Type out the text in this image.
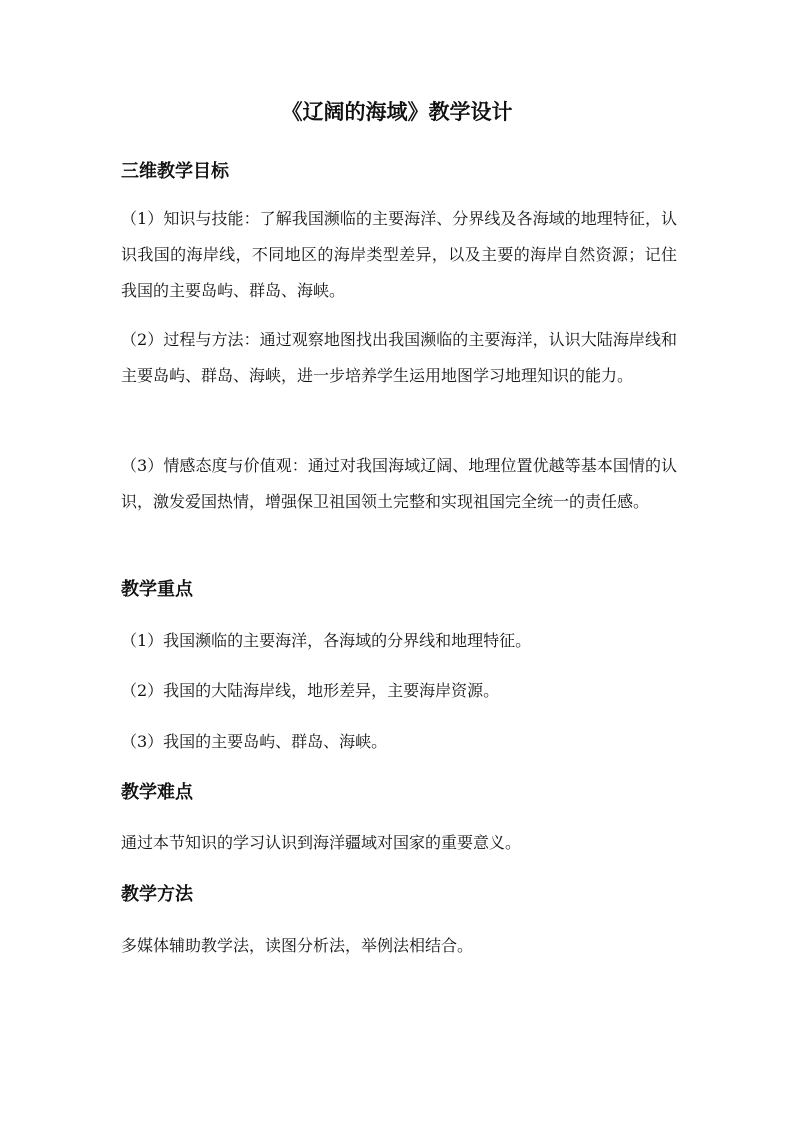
《辽阔的海域》教学设计
三维教学目标
（1）知识与技能：了解我国濒临的主要海洋、分界线及各海域的地理特征，认识我国的海岸线，不同地区的海岸类型差异，以及主要的海岸自然资源；记住我国的主要岛屿、群岛、海峡。
（2）过程与方法：通过观察地图找出我国濒临的主要海洋，认识大陆海岸线和主要岛屿、群岛、海峡，进一步培养学生运用地图学习地理知识的能力。
（3）情感态度与价值观：通过对我国海域辽阔、地理位置优越等基本国情的认识，激发爱国热情，增强保卫祖国领土完整和实现祖国完全统一的责任感。
教学重点
（1）我国濒临的主要海洋，各海域的分界线和地理特征。
（2）我国的大陆海岸线，地形差异，主要海岸资源。
（3）我国的主要岛屿、群岛、海峡。
教学难点
通过本节知识的学习认识到海洋疆域对国家的重要意义。
教学方法
多媒体辅助教学法，读图分析法，举例法相结合。
